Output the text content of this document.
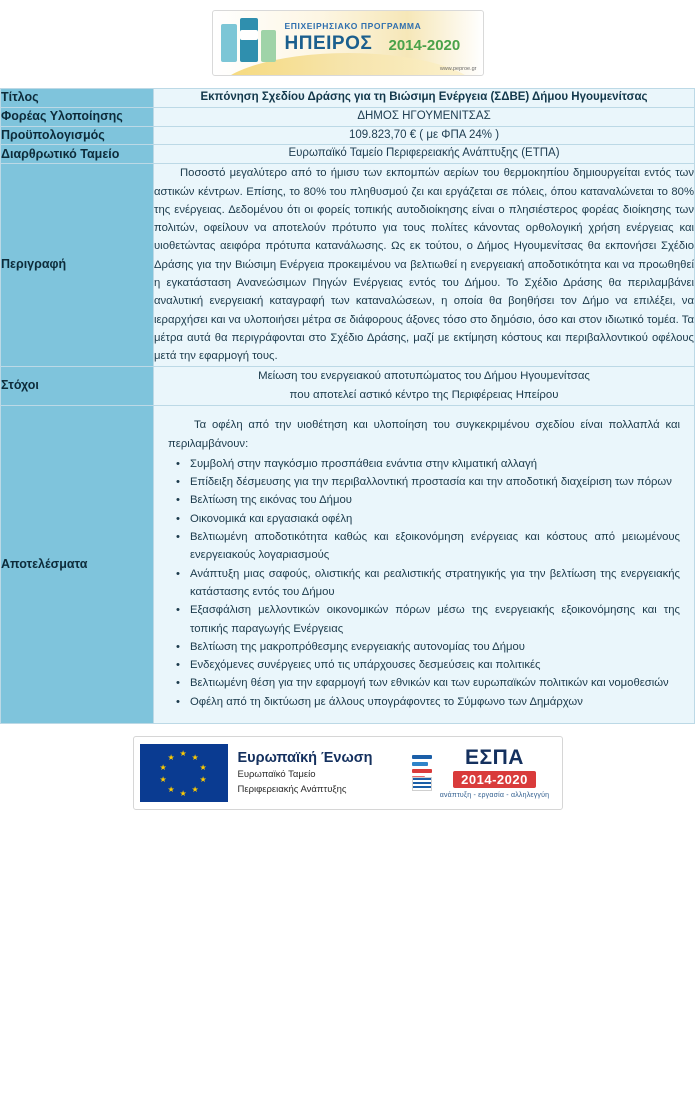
ΕΠΙΧΕΙΡΗΣΙΑΚΟ ΠΡΟΓΡΑΜΜΑ
ΗΠΕΙΡΟΣ 2014-2020
www.peproe.gr
Τίτλος	Εκπόνηση Σχεδίου Δράσης για τη Βιώσιμη Ενέργεια (ΣΔΒΕ) Δήμου Ηγουμενίτσας

Φορέας Υλοποίησης	ΔΗΜΟΣ ΗΓΟΥΜΕΝΙΤΣΑΣ
Προϋπολογισμός	109.823,70 € ( με ΦΠΑ 24% )
Διαρθρωτικό Ταμείο	Ευρωπαϊκό Ταμείο Περιφερειακής Ανάπτυξης (ΕΤΠΑ)
Περιγραφή	Ποσοστό μεγαλύτερο από το ήμισυ των εκπομπών αερίων του θερμοκηπίου δημιουργείται εντός των αστικών κέντρων. Επίσης, το 80% του πληθυσμού ζει και εργάζεται σε πόλεις, όπου καταναλώνεται το 80% της ενέργειας. Δεδομένου ότι οι φορείς τοπικής αυτοδιοίκησης είναι ο πλησιέστερος φορέας διοίκησης των πολιτών, οφείλουν να αποτελούν πρότυπο για τους πολίτες κάνοντας ορθολογική χρήση ενέργειας και υιοθετώντας αειφόρα πρότυπα κατανάλωσης. Ως εκ τούτου, ο Δήμος Ηγουμενίτσας θα εκπονήσει Σχέδιο Δράσης για την Βιώσιμη Ενέργεια προκειμένου να βελτιωθεί η ενεργειακή αποδοτικότητα και να προωθηθεί η εγκατάσταση Ανανεώσιμων Πηγών Ενέργειας εντός του Δήμου. Το Σχέδιο Δράσης θα περιλαμβάνει αναλυτική ενεργειακή καταγραφή των καταναλώσεων, η οποία θα βοηθήσει τον Δήμο να επιλέξει, να ιεραρχήσει και να υλοποιήσει μέτρα σε διάφορους άξονες τόσο στο δημόσιο, όσο και στον ιδιωτικό τομέα. Τα μέτρα αυτά θα περιγράφονται στο Σχέδιο Δράσης, μαζί με εκτίμηση κόστους και περιβαλλοντικού οφέλους μετά την εφαρμογή τους.

Στόχοι	Μείωση του ενεργειακού αποτυπώματος του Δήμου Ηγουμενίτσας
που αποτελεί αστικό κέντρο της Περιφέρειας Ηπείρου

Αποτελέσματα	

Τα οφέλη από την υιοθέτηση και υλοποίηση του συγκεκριμένου σχεδίου είναι πολλαπλά και περιλαμβάνουν:

• Συμβολή στην παγκόσμιο προσπάθεια ενάντια στην κλιματική αλλαγή
• Επίδειξη δέσμευσης για την περιβαλλοντική προστασία και την αποδοτική διαχείριση των πόρων
• Βελτίωση της εικόνας του Δήμου
• Οικονομικά και εργασιακά οφέλη
• Βελτιωμένη αποδοτικότητα καθώς και εξοικονόμηση ενέργειας και κόστους από μειωμένους ενεργειακούς λογαριασμούς
• Ανάπτυξη μιας σαφούς, ολιστικής και ρεαλιστικής στρατηγικής για την βελτίωση της ενεργειακής κατάστασης εντός του Δήμου
• Εξασφάλιση μελλοντικών οικονομικών πόρων μέσω της ενεργειακής εξοικονόμησης και της τοπικής παραγωγής Ενέργειας
• Βελτίωση της μακροπρόθεσμης ενεργειακής αυτονομίας του Δήμου
• Ενδεχόμενες συνέργειες υπό τις υπάρχουσες δεσμεύσεις και πολιτικές
• Βελτιωμένη θέση για την εφαρμογή των εθνικών και των ευρωπαϊκών πολιτικών και νομοθεσιών
• Οφέλη από τη δικτύωση με άλλους υπογράφοντες το Σύμφωνο των Δημάρχων
★ ★
★
★
★
★
★
★
★
★	Ευρωπαϊκή Ένωση
Ευρωπαϊκό Ταμείο
Περιφερειακής Ανάπτυξης
ΕΣΠΑ
2014-2020
ανάπτυξη - εργασία - αλληλεγγύη
